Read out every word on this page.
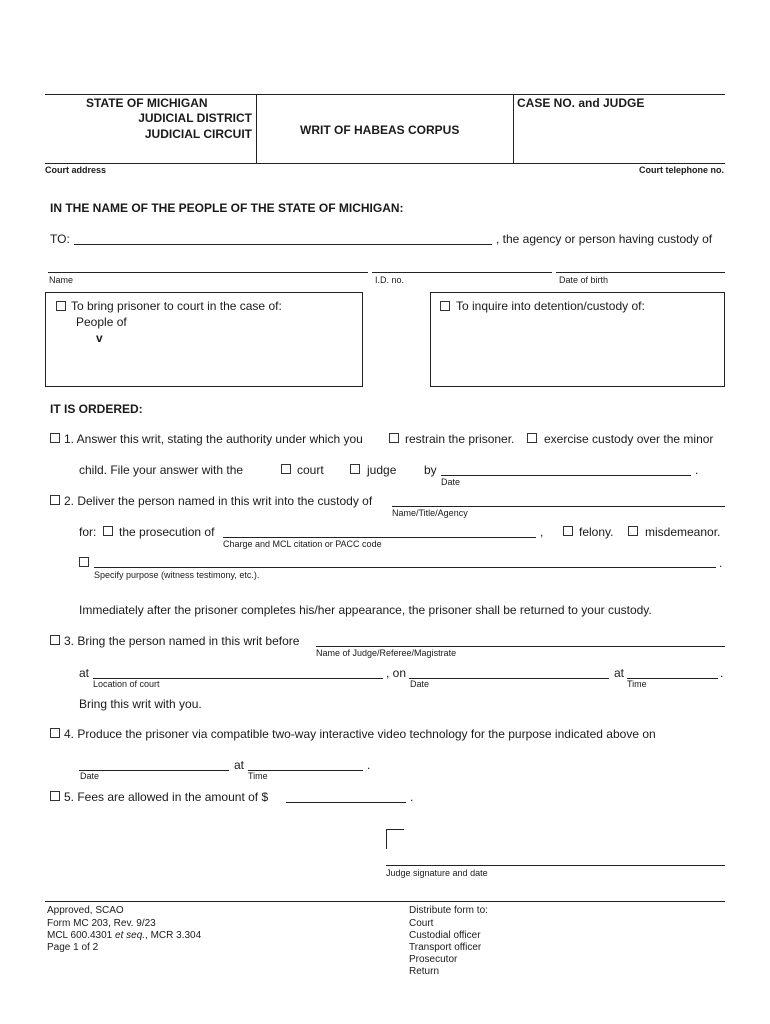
STATE OF MICHIGAN
JUDICIAL DISTRICT
JUDICIAL CIRCUIT	WRIT OF HABEAS CORPUS
CASE NO. and JUDGE
Court address	Court telephone no.
IN THE NAME OF THE PEOPLE OF THE STATE OF MICHIGAN:
TO:	, the agency or person having custody of
Name	I.D. no.	Date of birth
To bring prisoner to court in the case of:
People of
v
To inquire into detention/custody of:
IT IS ORDERED:
1. Answer this writ, stating the authority under which you	restrain the prisoner. exercise custody over the minor
child. File your answer with the	court	judge by	.
Date
2. Deliver the person named in this writ into the custody of
Name/Title/Agency
for: the prosecution of	,
Charge and MCL citation or PACC code
felony.	misdemeanor.
.
Specify purpose (witness testimony, etc.).
Immediately after the prisoner completes his/her appearance, the prisoner shall be returned to your custody.
3. Bring the person named in this writ before
Name of Judge/Referee/Magistrate
at	, on	at	.
Location of court	Date	Time
Bring this writ with you.
4. Produce the prisoner via compatible two-way interactive video technology for the purpose indicated above on
at	.
Date	Time
5. Fees are allowed in the amount of $	.
Judge signature and date
Approved, SCAO
Form MC 203, Rev. 9/23
MCL 600.4301 et seq., MCR 3.304
Page 1 of 2
Distribute form to:
Court
Custodial officer
Transport officer
Prosecutor
Return
